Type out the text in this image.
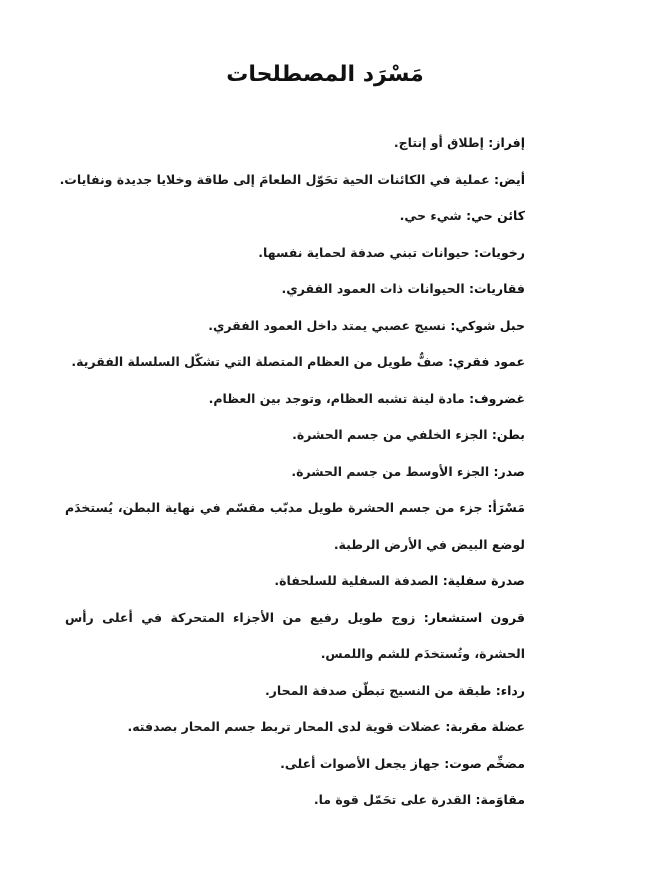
مَسْرَد المصطلحات
إفراز: إطلاق أو إنتاج.
أيض: عملية في الكائنات الحية تحَوّل الطعامَ إلى طاقة وخلايا جديدة ونفايات.
كائن حي: شيء حي.
رخويات: حيوانات تبني صدفة لحماية نفسها.
فقاريات: الحيوانات ذات العمود الفقري.
حبل شوكي: نسيج عصبي يمتد داخل العمود الفقري.
عمود فقري: صفٌّ طويل من العظام المتصلة التي تشكّل السلسلة الفقرية.
غضروف: مادة لينة تشبه العظام، وتوجد بين العظام.
بطن: الجزء الخلفي من جسم الحشرة.
صدر: الجزء الأوسط من جسم الحشرة.
مَسْرَأ: جزء من جسم الحشرة طويل مدبّب مقسّم في نهاية البطن، يُستخدَم لوضع البيض في الأرض الرطبة.
صدرة سفلية: الصدفة السفلية للسلحفاة.
قرون استشعار: زوج طويل رفيع من الأجزاء المتحركة في أعلى رأس الحشرة، وتُستخدَم للشم واللمس.
رداء: طبقة من النسيج تبطّن صدفة المحار.
عضلة مقربة: عضلات قوية لدى المحار تربط جسم المحار بصدفته.
مضخِّم صوت: جهاز يجعل الأصوات أعلى.
مقاوَمة: القدرة على تحَمّل قوة ما.
